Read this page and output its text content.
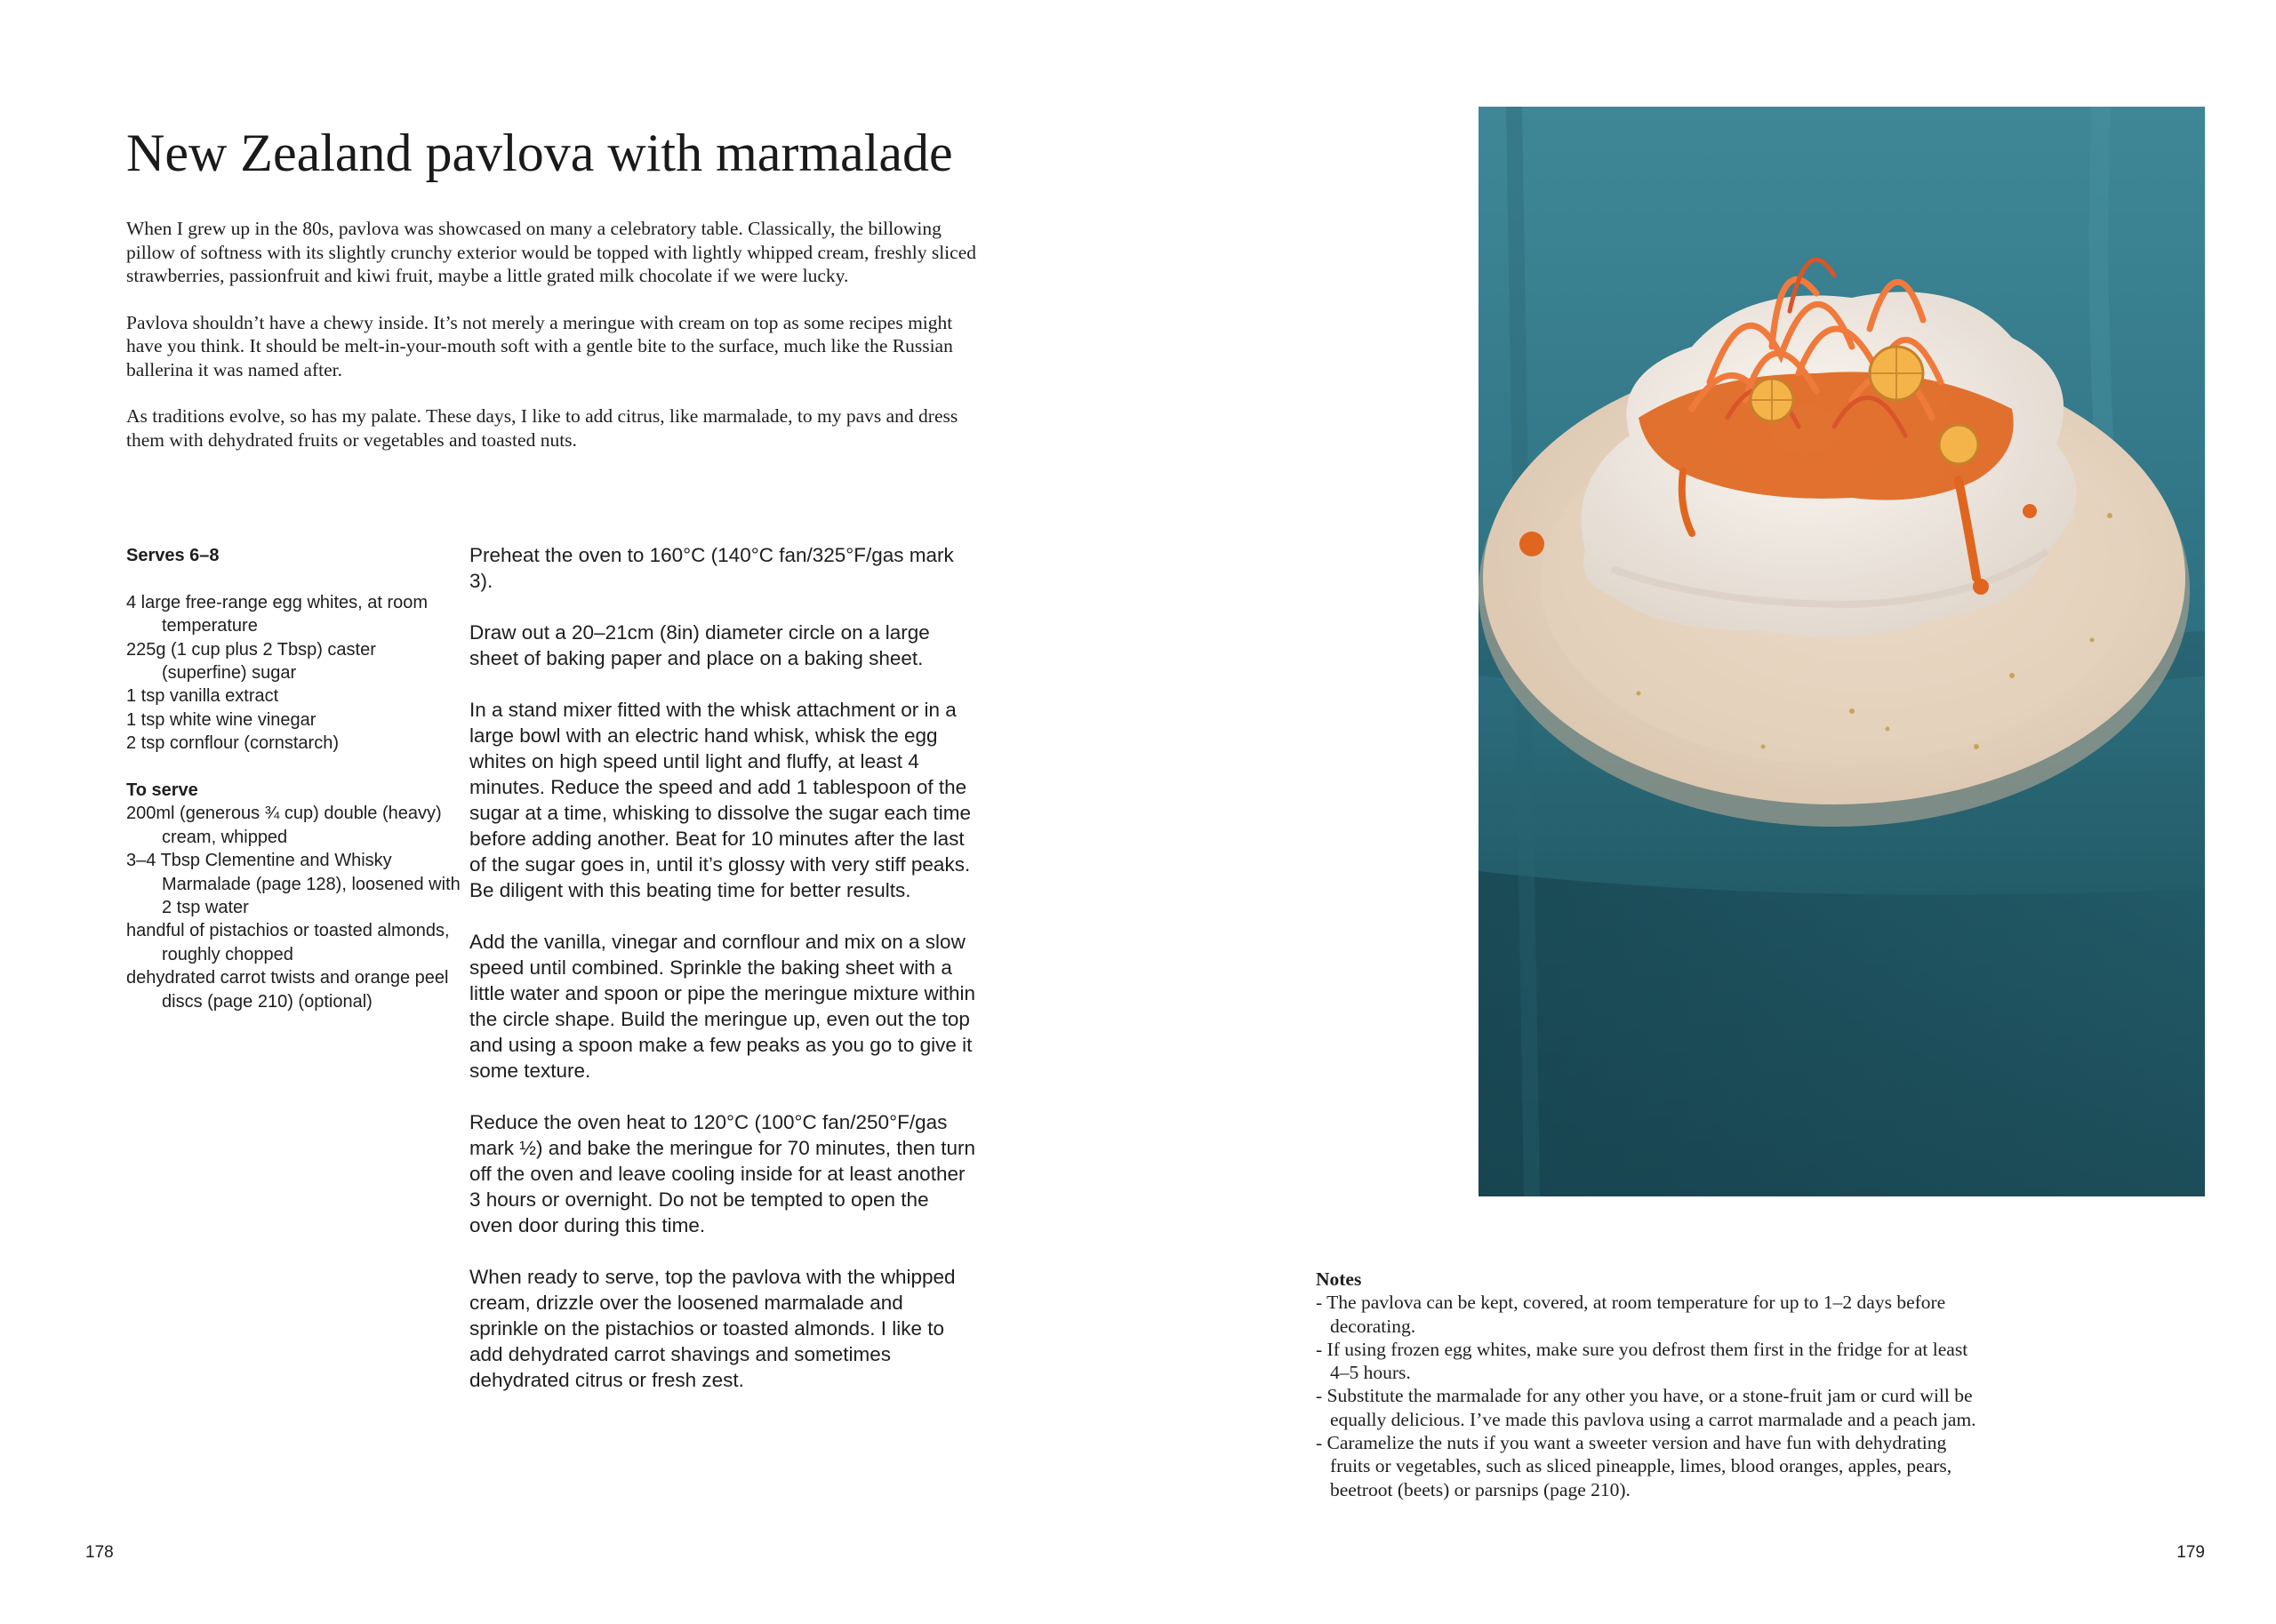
New Zealand pavlova with marmalade

When I grew up in the 80s, pavlova was showcased on many a celebratory table. Classically, the billowing pillow of softness with its slightly crunchy exterior would be topped with lightly whipped cream, freshly sliced strawberries, passionfruit and kiwi fruit, maybe a little grated milk chocolate if we were lucky.

Pavlova shouldn’t have a chewy inside. It’s not merely a meringue with cream on top as some recipes might have you think. It should be melt-in-your-mouth soft with a gentle bite to the surface, much like the Russian ballerina it was named after.

As traditions evolve, so has my palate. These days, I like to add citrus, like marmalade, to my pavs and dress them with dehydrated fruits or vegetables and toasted nuts.

Serves 6–8
4 large free-range egg whites, at room temperature
225g (1 cup plus 2 Tbsp) caster (superfine) sugar
1 tsp vanilla extract
1 tsp white wine vinegar
2 tsp cornflour (cornstarch)
To serve
200ml (generous ¾ cup) double (heavy) cream, whipped
3–4 Tbsp Clementine and Whisky Marmalade (page 128), loosened with 2 tsp water
handful of pistachios or toasted almonds, roughly chopped
dehydrated carrot twists and orange peel discs (page 210) (optional)

Preheat the oven to 160°C (140°C fan/325°F/gas mark 3).

Draw out a 20–21cm (8in) diameter circle on a large sheet of baking paper and place on a baking sheet.

In a stand mixer fitted with the whisk attachment or in a large bowl with an electric hand whisk, whisk the egg whites on high speed until light and fluffy, at least 4 minutes. Reduce the speed and add 1 tablespoon of the sugar at a time, whisking to dissolve the sugar each time before adding another. Beat for 10 minutes after the last of the sugar goes in, until it’s glossy with very stiff peaks. Be diligent with this beating time for better results.

Add the vanilla, vinegar and cornflour and mix on a slow speed until combined. Sprinkle the baking sheet with a little water and spoon or pipe the meringue mixture within the circle shape. Build the meringue up, even out the top and using a spoon make a few peaks as you go to give it some texture.

Reduce the oven heat to 120°C (100°C fan/250°F/gas mark ½) and bake the meringue for 70 minutes, then turn off the oven and leave cooling inside for at least another 3 hours or overnight. Do not be tempted to open the oven door during this time.

When ready to serve, top the pavlova with the whipped cream, drizzle over the loosened marmalade and sprinkle on the pistachios or toasted almonds. I like to add dehydrated carrot shavings and sometimes dehydrated citrus or fresh zest.

Notes
- The pavlova can be kept, covered, at room temperature for up to 1–2 days before decorating.
- If using frozen egg whites, make sure you defrost them first in the fridge for at least 4–5 hours.
- Substitute the marmalade for any other you have, or a stone-fruit jam or curd will be equally delicious. I’ve made this pavlova using a carrot marmalade and a peach jam.
- Caramelize the nuts if you want a sweeter version and have fun with dehydrating fruits or vegetables, such as sliced pineapple, limes, blood oranges, apples, pears, beetroot (beets) or parsnips (page 210).
178	179
